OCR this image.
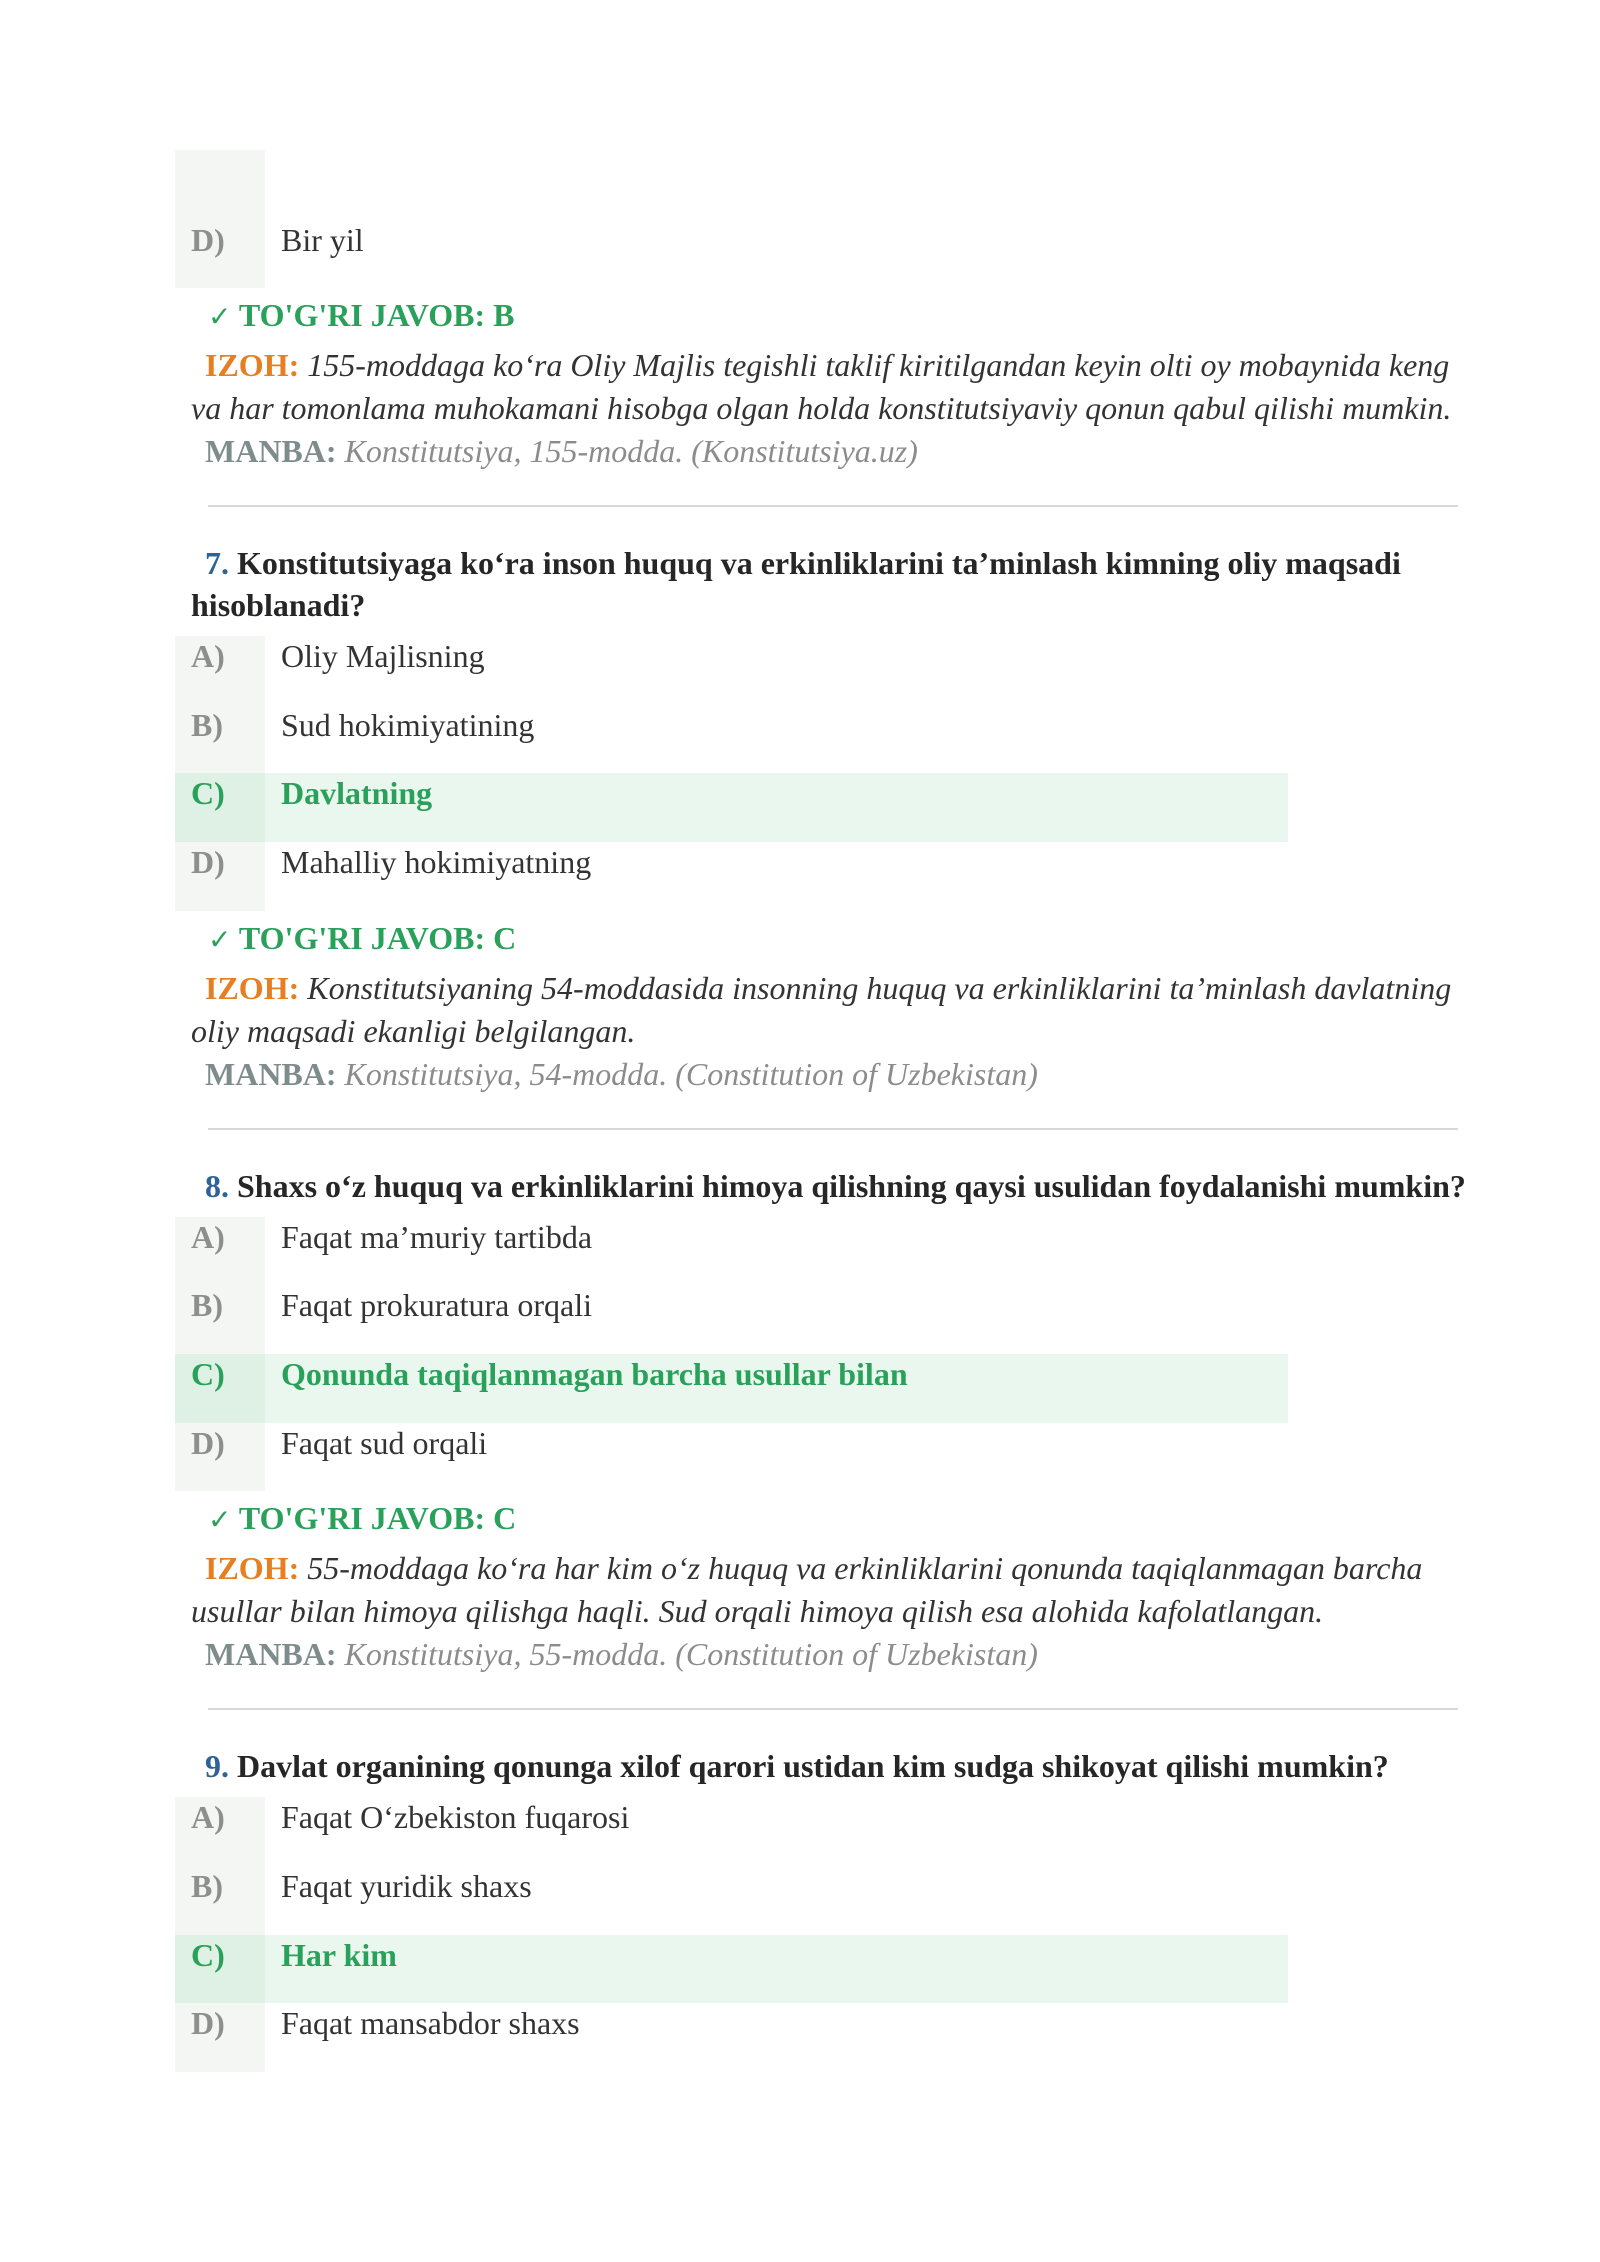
D)	Bir yil
✓ TO'G'RI JAVOB: B
IZOH: 155-moddaga ko‘ra Oliy Majlis tegishli taklif kiritilgandan keyin olti oy mobaynida keng va har tomonlama muhokamani hisobga olgan holda konstitutsiyaviy qonun qabul qilishi mumkin.
MANBA: Konstitutsiya, 155-modda. (Konstitutsiya.uz)
7. Konstitutsiyaga ko‘ra inson huquq va erkinliklarini ta’minlash kimning oliy maqsadi hisoblanadi?
A)	Oliy Majlisning
B)	Sud hokimiyatining
C)	Davlatning
D)	Mahalliy hokimiyatning
✓ TO'G'RI JAVOB: C
IZOH: Konstitutsiyaning 54-moddasida insonning huquq va erkinliklarini ta’minlash davlatning oliy maqsadi ekanligi belgilangan.
MANBA: Konstitutsiya, 54-modda. (Constitution of Uzbekistan)
8. Shaxs o‘z huquq va erkinliklarini himoya qilishning qaysi usulidan foydalanishi mumkin?
A)	Faqat ma’muriy tartibda
B)	Faqat prokuratura orqali
C)	Qonunda taqiqlanmagan barcha usullar bilan
D)	Faqat sud orqali
✓ TO'G'RI JAVOB: C
IZOH: 55-moddaga ko‘ra har kim o‘z huquq va erkinliklarini qonunda taqiqlanmagan barcha usullar bilan himoya qilishga haqli. Sud orqali himoya qilish esa alohida kafolatlangan.
MANBA: Konstitutsiya, 55-modda. (Constitution of Uzbekistan)
9. Davlat organining qonunga xilof qarori ustidan kim sudga shikoyat qilishi mumkin?
A)	Faqat O‘zbekiston fuqarosi
B)	Faqat yuridik shaxs
C)	Har kim
D)	Faqat mansabdor shaxs
